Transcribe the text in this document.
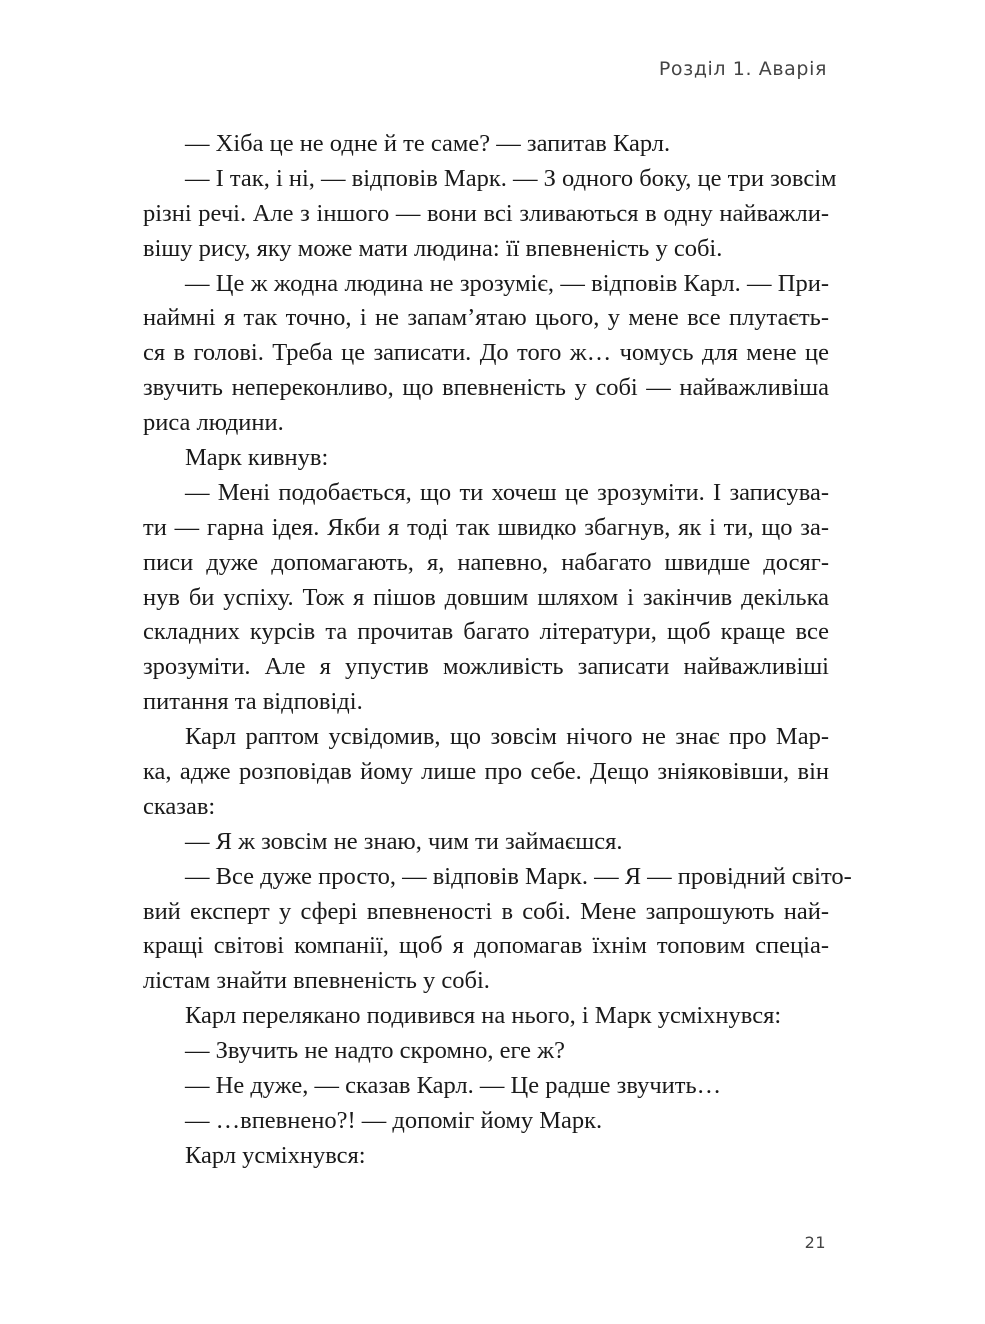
Розділ 1. Аварія
— Хіба це не одне й те саме? — запитав Карл.
— І так, і ні, — відповів Марк. — З одного боку, це три зовсім
різні речі. Але з іншого — вони всі зливаються в одну найважли-
вішу рису, яку може мати людина: її впевненість у собі.
— Це ж жодна людина не зрозуміє, — відповів Карл. — При-
наймні я так точно, і не запам’ятаю цього, у мене все плутаєть-
ся в голові. Треба це записати. До того ж… чомусь для мене це
звучить непереконливо, що впевненість у собі — найважливіша
риса людини.
Марк кивнув:
— Мені подобається, що ти хочеш це зрозуміти. І записува-
ти — гарна ідея. Якби я тоді так швидко збагнув, як і ти, що за-
писи дуже допомагають, я, напевно, набагато швидше досяг-
нув би успіху. Тож я пішов довшим шляхом і закінчив декілька
складних курсів та прочитав багато літератури, щоб краще все
зрозуміти. Але я упустив можливість записати найважливіші
питання та відповіді.
Карл раптом усвідомив, що зовсім нічого не знає про Мар-
ка, адже розповідав йому лише про себе. Дещо зніяковівши, він
сказав:
— Я ж зовсім не знаю, чим ти займаєшся.
— Все дуже просто, — відповів Марк. — Я — провідний світо-
вий експерт у сфері впевненості в собі. Мене запрошують най-
кращі світові компанії, щоб я допомагав їхнім топовим спеціа-
лістам знайти впевненість у собі.
Карл перелякано подивився на нього, і Марк усміхнувся:
— Звучить не надто скромно, еге ж?
— Не дуже, — сказав Карл. — Це радше звучить…
— …впевнено?! — допоміг йому Марк.
Карл усміхнувся:
21
